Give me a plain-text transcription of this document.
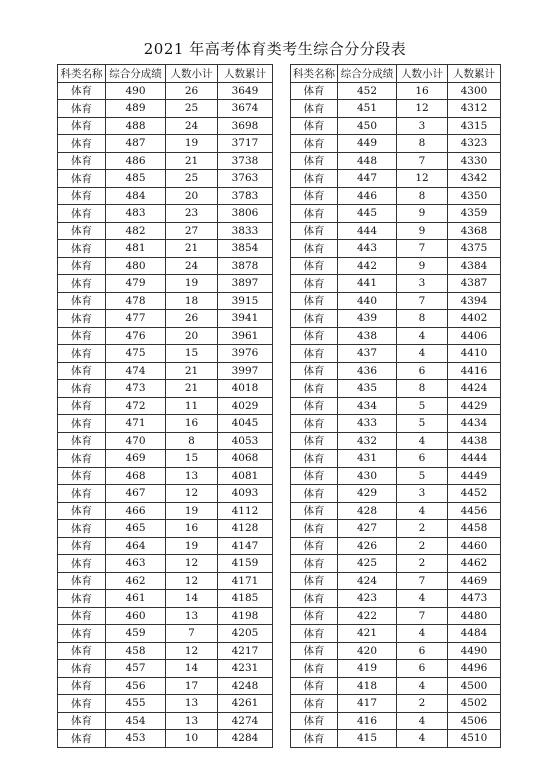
2021 年高考体育类考生综合分分段表
科类名称	综合分成绩	人数小计	人数累计
体育	490	26	3649
体育	489	25	3674
体育	488	24	3698
体育	487	19	3717
体育	486	21	3738
体育	485	25	3763
体育	484	20	3783
体育	483	23	3806
体育	482	27	3833
体育	481	21	3854
体育	480	24	3878
体育	479	19	3897
体育	478	18	3915
体育	477	26	3941
体育	476	20	3961
体育	475	15	3976
体育	474	21	3997
体育	473	21	4018
体育	472	11	4029
体育	471	16	4045
体育	470	8	4053
体育	469	15	4068
体育	468	13	4081
体育	467	12	4093
体育	466	19	4112
体育	465	16	4128
体育	464	19	4147
体育	463	12	4159
体育	462	12	4171
体育	461	14	4185
体育	460	13	4198
体育	459	7	4205
体育	458	12	4217
体育	457	14	4231
体育	456	17	4248
体育	455	13	4261
体育	454	13	4274
体育	453	10	4284
科类名称	综合分成绩	人数小计	人数累计
体育	452	16	4300
体育	451	12	4312
体育	450	3	4315
体育	449	8	4323
体育	448	7	4330
体育	447	12	4342
体育	446	8	4350
体育	445	9	4359
体育	444	9	4368
体育	443	7	4375
体育	442	9	4384
体育	441	3	4387
体育	440	7	4394
体育	439	8	4402
体育	438	4	4406
体育	437	4	4410
体育	436	6	4416
体育	435	8	4424
体育	434	5	4429
体育	433	5	4434
体育	432	4	4438
体育	431	6	4444
体育	430	5	4449
体育	429	3	4452
体育	428	4	4456
体育	427	2	4458
体育	426	2	4460
体育	425	2	4462
体育	424	7	4469
体育	423	4	4473
体育	422	7	4480
体育	421	4	4484
体育	420	6	4490
体育	419	6	4496
体育	418	4	4500
体育	417	2	4502
体育	416	4	4506
体育	415	4	4510
